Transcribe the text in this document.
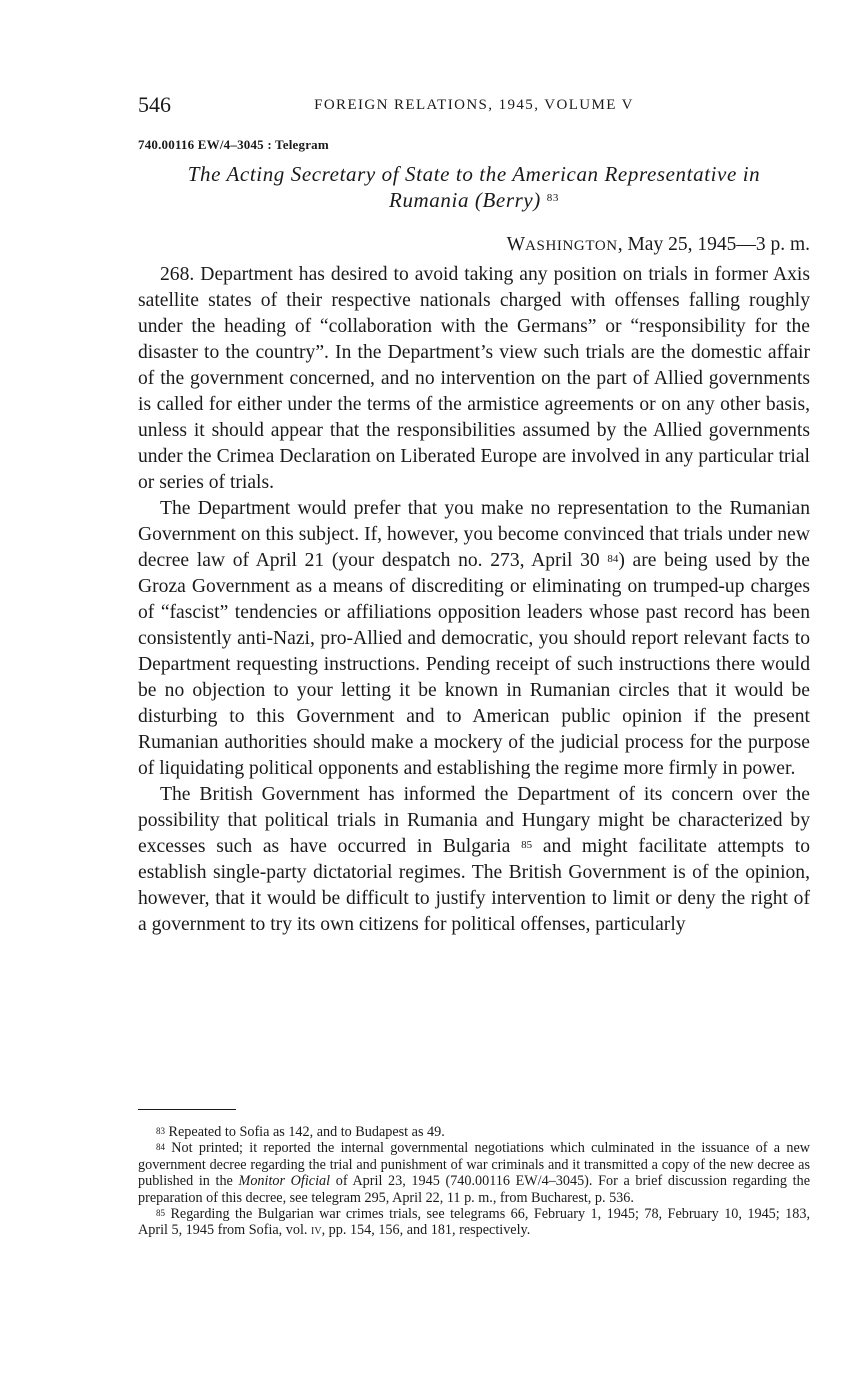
546	FOREIGN RELATIONS, 1945, VOLUME V
740.00116 EW/4–3045 : Telegram
The Acting Secretary of State to the American Representative in
Rumania (Berry) $^{83}$
WASHINGTON, May 25, 1945—3 p. m.

268. Department has desired to avoid taking any position on trials in former Axis satellite states of their respective nationals charged with offenses falling roughly under the heading of “collaboration with the Germans” or “responsibility for the disaster to the country”. In the Department’s view such trials are the domestic affair of the government concerned, and no intervention on the part of Allied governments is called for either under the terms of the armistice agreements or on any other basis, unless it should appear that the responsibilities assumed by the Allied governments under the Crimea Declaration on Liberated Europe are involved in any particular trial or series of trials.

The Department would prefer that you make no representation to the Rumanian Government on this subject. If, however, you become convinced that trials under new decree law of April 21 (your despatch no. 273, April 30 $^{84}$) are being used by the Groza Government as a means of discrediting or eliminating on trumped-up charges of “fascist” tendencies or affiliations opposition leaders whose past record has been consistently anti-Nazi, pro-Allied and democratic, you should report relevant facts to Department requesting instructions. Pending receipt of such instructions there would be no objection to your letting it be known in Rumanian circles that it would be disturbing to this Government and to American public opinion if the present Rumanian authorities should make a mockery of the judicial process for the purpose of liquidating political opponents and establishing the regime more firmly in power.

The British Government has informed the Department of its concern over the possibility that political trials in Rumania and Hungary might be characterized by excesses such as have occurred in Bulgaria $^{85}$ and might facilitate attempts to establish single-party dictatorial regimes. The British Government is of the opinion, however, that it would be difficult to justify intervention to limit or deny the right of a government to try its own citizens for political offenses, particularly

$^{83}$ Repeated to Sofia as 142, and to Budapest as 49.

$^{84}$ Not printed; it reported the internal governmental negotiations which culminated in the issuance of a new government decree regarding the trial and punishment of war criminals and it transmitted a copy of the new decree as published in the Monitor Oficial of April 23, 1945 (740.00116 EW/4–3045). For a brief discussion regarding the preparation of this decree, see telegram 295, April 22, 11 p. m., from Bucharest, p. 536.

$^{85}$ Regarding the Bulgarian war crimes trials, see telegrams 66, February 1, 1945; 78, February 10, 1945; 183, April 5, 1945 from Sofia, vol. iv, pp. 154, 156, and 181, respectively.
